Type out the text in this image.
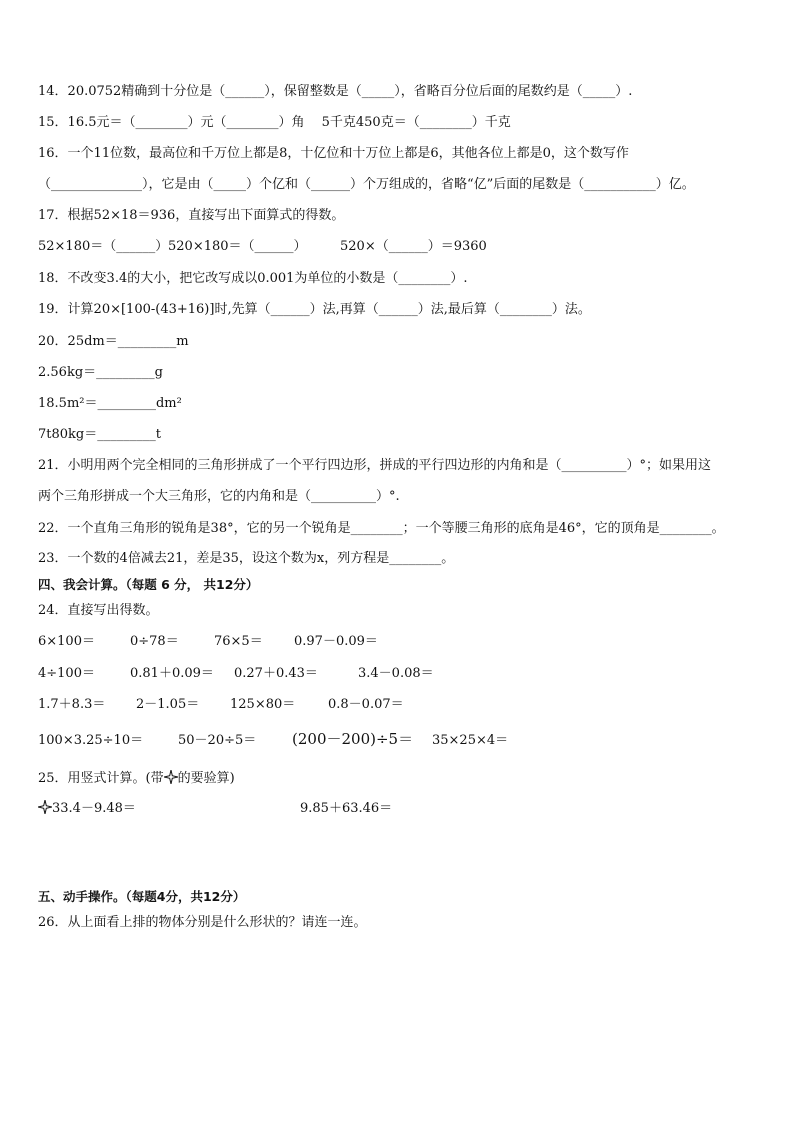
14．20.0752精确到十分位是（______），保留整数是（_____），省略百分位后面的尾数约是（_____）.
15．16.5元＝（________）元（________）角　 5千克450克＝（________）千克
16．一个11位数，最高位和千万位上都是8，十亿位和十万位上都是6，其他各位上都是0，这个数写作
（______________），它是由（_____）个亿和（______）个万组成的，省略“亿”后面的尾数是（___________）亿。
17．根据52×18＝936，直接写出下面算式的得数。
52×180＝（______） 520×180＝（______）	520×（______）＝9360
18．不改变3.4的大小，把它改写成以0.001为单位的小数是（________）.
19．计算20×[100-(43+16)]时,先算（______）法,再算（______）法,最后算（________）法。
20．25dm＝_________m
2.56kg＝_________g
18.5m²＝_________dm²
7t80kg＝_________t
21．小明用两个完全相同的三角形拼成了一个平行四边形，拼成的平行四边形的内角和是（__________）°；如果用这
两个三角形拼成一个大三角形，它的内角和是（__________）°.
22．一个直角三角形的锐角是38°，它的另一个锐角是________；一个等腰三角形的底角是46°，它的顶角是________。
23．一个数的4倍减去21，差是35，设这个数为x，列方程是________。
四、我会计算。（每题 6 分， 共12分）
24．直接写出得数。
6×100＝	0÷78＝	76×5＝ 0.97－0.09＝
4÷100＝	0.81＋0.09＝ 0.27＋0.43＝	3.4－0.08＝
1.7＋8.3＝ 2－1.05＝ 125×80＝	0.8－0.07＝
100×3.25÷10＝	50－20÷5＝ (200－200)÷5＝ 35×25×4＝
25．用竖式计算。(带 的要验算)
33.4－9.48＝	9.85＋63.46＝
五、动手操作。（每题4分，共12分）
26．从上面看上排的物体分别是什么形状的？请连一连。
